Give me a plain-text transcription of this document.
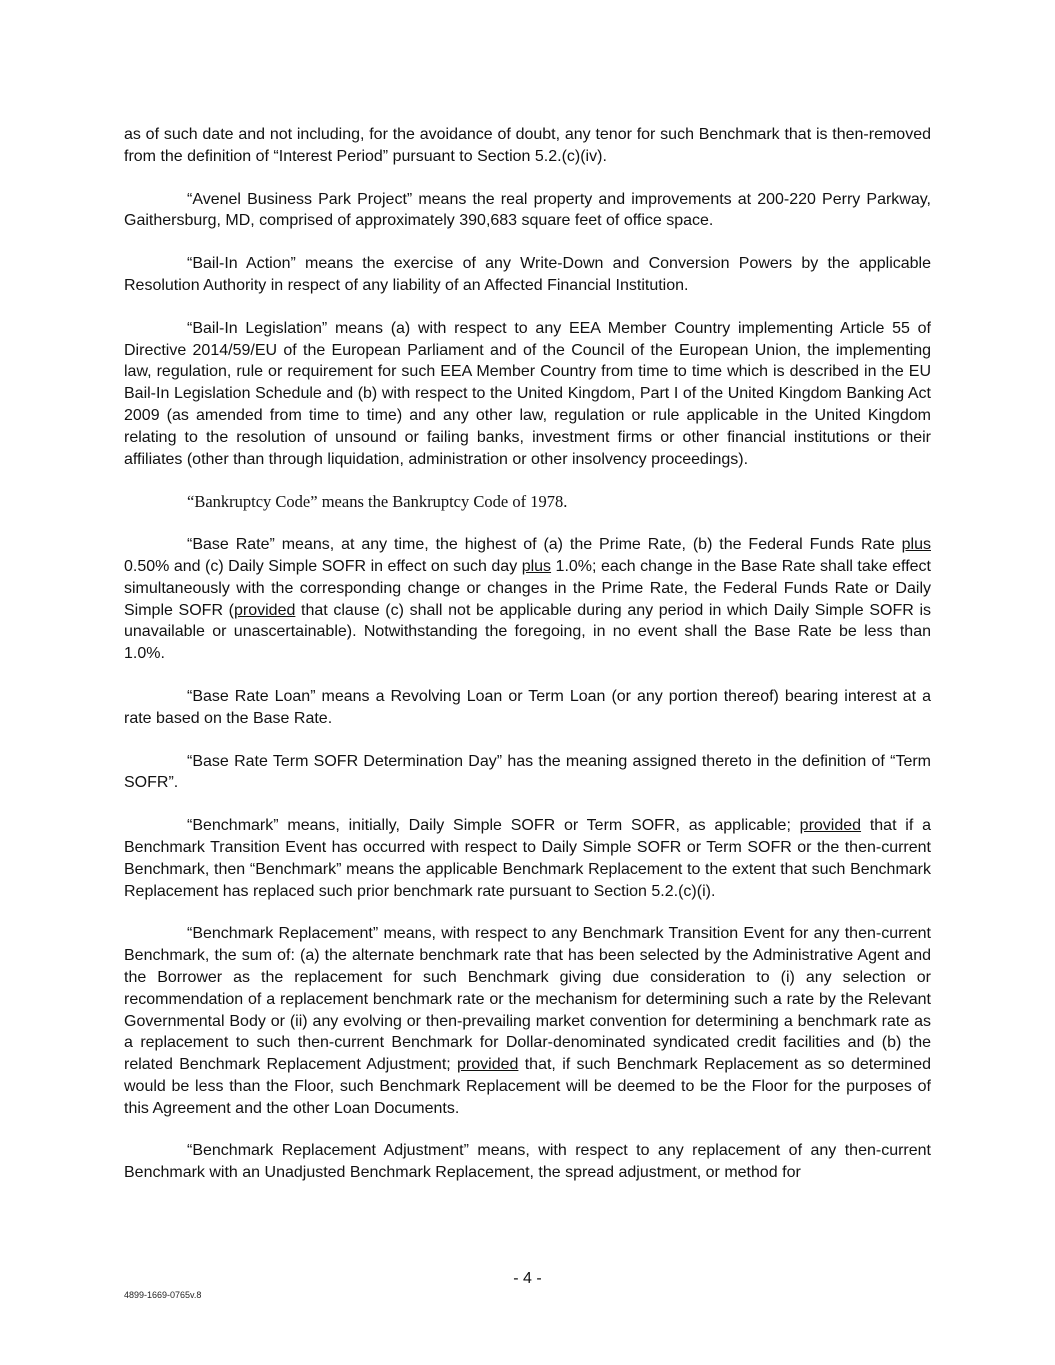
as of such date and not including, for the avoidance of doubt, any tenor for such Benchmark that is then-removed from the definition of “Interest Period” pursuant to Section 5.2.(c)(iv).

“Avenel Business Park Project” means the real property and improvements at 200-220 Perry Parkway, Gaithersburg, MD, comprised of approximately 390,683 square feet of office space.

“Bail-In Action” means the exercise of any Write-Down and Conversion Powers by the applicable Resolution Authority in respect of any liability of an Affected Financial Institution.

“Bail-In Legislation” means (a) with respect to any EEA Member Country implementing Article 55 of Directive 2014/59/EU of the European Parliament and of the Council of the European Union, the implementing law, regulation, rule or requirement for such EEA Member Country from time to time which is described in the EU Bail-In Legislation Schedule and (b) with respect to the United Kingdom, Part I of the United Kingdom Banking Act 2009 (as amended from time to time) and any other law, regulation or rule applicable in the United Kingdom relating to the resolution of unsound or failing banks, investment firms or other financial institutions or their affiliates (other than through liquidation, administration or other insolvency proceedings).

“Bankruptcy Code” means the Bankruptcy Code of 1978.

“Base Rate” means, at any time, the highest of (a) the Prime Rate, (b) the Federal Funds Rate plus 0.50% and (c) Daily Simple SOFR in effect on such day plus 1.0%; each change in the Base Rate shall take effect simultaneously with the corresponding change or changes in the Prime Rate, the Federal Funds Rate or Daily Simple SOFR (provided that clause (c) shall not be applicable during any period in which Daily Simple SOFR is unavailable or unascertainable). Notwithstanding the foregoing, in no event shall the Base Rate be less than 1.0%.

“Base Rate Loan” means a Revolving Loan or Term Loan (or any portion thereof) bearing interest at a rate based on the Base Rate.

“Base Rate Term SOFR Determination Day” has the meaning assigned thereto in the definition of “Term SOFR”.

“Benchmark” means, initially, Daily Simple SOFR or Term SOFR, as applicable; provided that if a Benchmark Transition Event has occurred with respect to Daily Simple SOFR or Term SOFR or the then-current Benchmark, then “Benchmark” means the applicable Benchmark Replacement to the extent that such Benchmark Replacement has replaced such prior benchmark rate pursuant to Section 5.2.(c)(i).

“Benchmark Replacement” means, with respect to any Benchmark Transition Event for any then-current Benchmark, the sum of: (a) the alternate benchmark rate that has been selected by the Administrative Agent and the Borrower as the replacement for such Benchmark giving due consideration to (i) any selection or recommendation of a replacement benchmark rate or the mechanism for determining such a rate by the Relevant Governmental Body or (ii) any evolving or then-prevailing market convention for determining a benchmark rate as a replacement to such then-current Benchmark for Dollar-denominated syndicated credit facilities and (b) the related Benchmark Replacement Adjustment; provided that, if such Benchmark Replacement as so determined would be less than the Floor, such Benchmark Replacement will be deemed to be the Floor for the purposes of this Agreement and the other Loan Documents.

“Benchmark Replacement Adjustment” means, with respect to any replacement of any then-current Benchmark with an Unadjusted Benchmark Replacement, the spread adjustment, or method for

- 4 -
4899-1669-0765v.8
